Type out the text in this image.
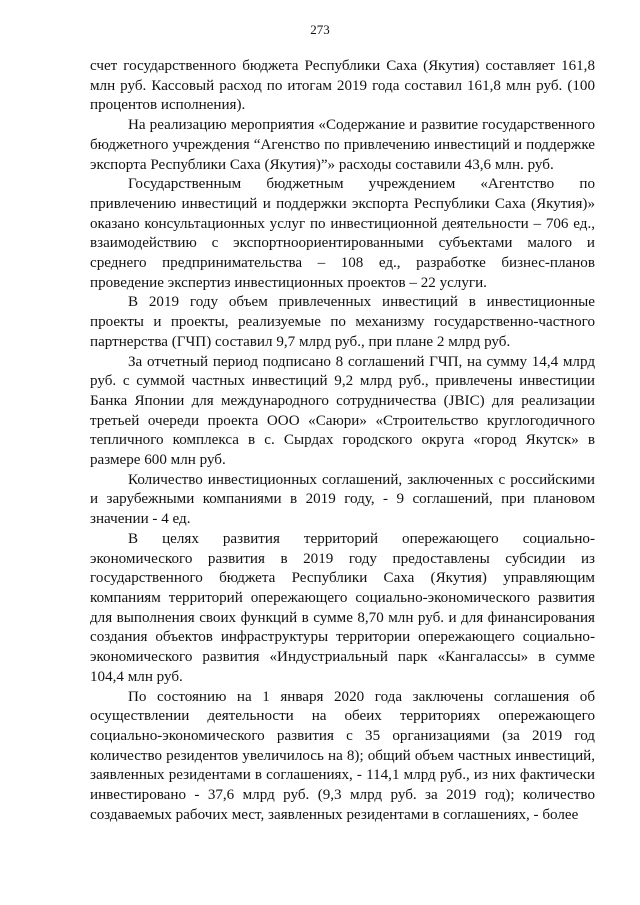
273

счет государственного бюджета Республики Саха (Якутия) составляет 161,8 млн руб. Кассовый расход по итогам 2019 года составил 161,8 млн руб. (100 процентов исполнения).

На реализацию мероприятия «Содержание и развитие государственного бюджетного учреждения “Агенство по привлечению инвестиций и поддержке экспорта Республики Саха (Якутия)”» расходы составили 43,6 млн. руб.

Государственным бюджетным учреждением «Агентство по привлечению инвестиций и поддержки экспорта Республики Саха (Якутия)» оказано консультационных услуг по инвестиционной деятельности – 706 ед., взаимодействию с экспортноориентированными субъектами малого и среднего предпринимательства – 108 ед., разработке бизнес-планов проведение экспертиз инвестиционных проектов – 22 услуги.

В 2019 году объем привлеченных инвестиций в инвестиционные проекты и проекты, реализуемые по механизму государственно-частного партнерства (ГЧП) составил 9,7 млрд руб., при плане 2 млрд руб.

За отчетный период подписано 8 соглашений ГЧП, на сумму 14,4 млрд руб. с суммой частных инвестиций 9,2 млрд руб., привлечены инвестиции Банка Японии для международного сотрудничества (JBIC) для реализации третьей очереди проекта ООО «Саюри» «Строительство круглогодичного тепличного комплекса в с. Сырдах городского округа «город Якутск» в размере 600 млн руб.

Количество инвестиционных соглашений, заключенных с российскими и зарубежными компаниями в 2019 году, - 9 соглашений, при плановом значении - 4 ед.

В целях развития территорий опережающего социально-экономического развития в 2019 году предоставлены субсидии из государственного бюджета Республики Саха (Якутия) управляющим компаниям территорий опережающего социально-экономического развития для выполнения своих функций в сумме 8,70 млн руб. и для финансирования создания объектов инфраструктуры территории опережающего социально-экономического развития «Индустриальный парк «Кангалассы» в сумме 104,4 млн руб.

По состоянию на 1 января 2020 года заключены соглашения об осуществлении деятельности на обеих территориях опережающего социально-экономического развития с 35 организациями (за 2019 год количество резидентов увеличилось на 8); общий объем частных инвестиций, заявленных резидентами в соглашениях, - 114,1 млрд руб., из них фактически инвестировано - 37,6 млрд руб. (9,3 млрд руб. за 2019 год); количество создаваемых рабочих мест, заявленных резидентами в соглашениях, - более
